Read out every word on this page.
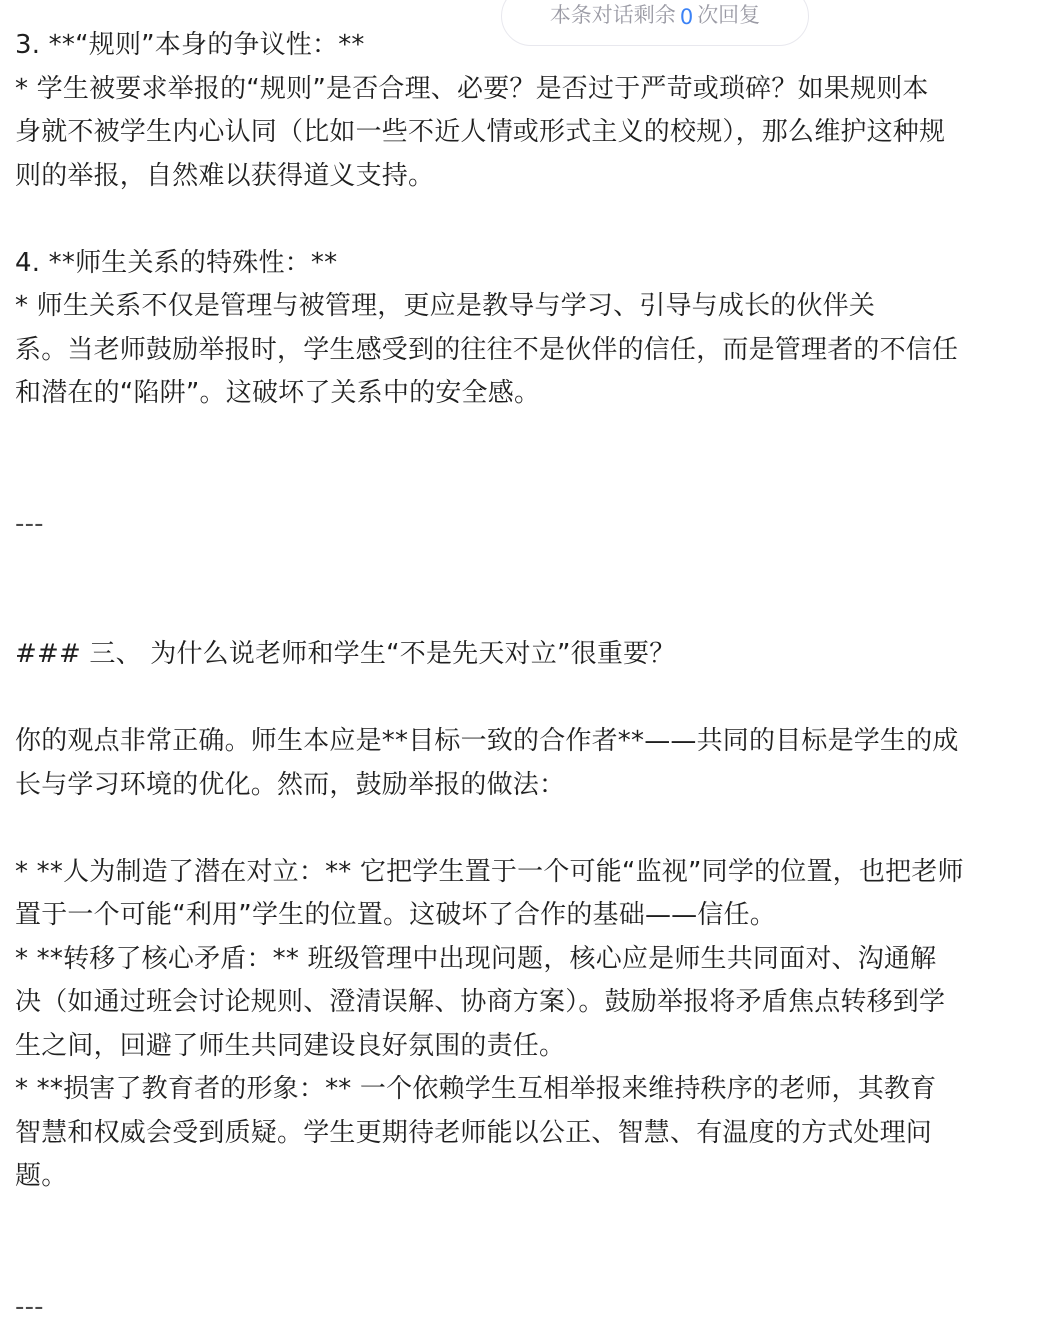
本条对话剩余 0 次回复
3. **“规则”本身的争议性：**
* 学生被要求举报的“规则”是否合理、必要？是否过于严苛或琐碎？如果规则本
身就不被学生内心认同（比如一些不近人情或形式主义的校规），那么维护这种规
则的举报，自然难以获得道义支持。
4. **师生关系的特殊性：**
* 师生关系不仅是管理与被管理，更应是教导与学习、引导与成长的伙伴关
系。当老师鼓励举报时，学生感受到的往往不是伙伴的信任，而是管理者的不信任
和潜在的“陷阱”。这破坏了关系中的安全感。
---
### 三、 为什么说老师和学生“不是先天对立”很重要？
你的观点非常正确。师生本应是**目标一致的合作者**——共同的目标是学生的成
长与学习环境的优化。然而，鼓励举报的做法：
* **人为制造了潜在对立：** 它把学生置于一个可能“监视”同学的位置，也把老师
置于一个可能“利用”学生的位置。这破坏了合作的基础——信任。
* **转移了核心矛盾：** 班级管理中出现问题，核心应是师生共同面对、沟通解
决（如通过班会讨论规则、澄清误解、协商方案）。鼓励举报将矛盾焦点转移到学
生之间，回避了师生共同建设良好氛围的责任。
* **损害了教育者的形象：** 一个依赖学生互相举报来维持秩序的老师，其教育
智慧和权威会受到质疑。学生更期待老师能以公正、智慧、有温度的方式处理问
题。
---
